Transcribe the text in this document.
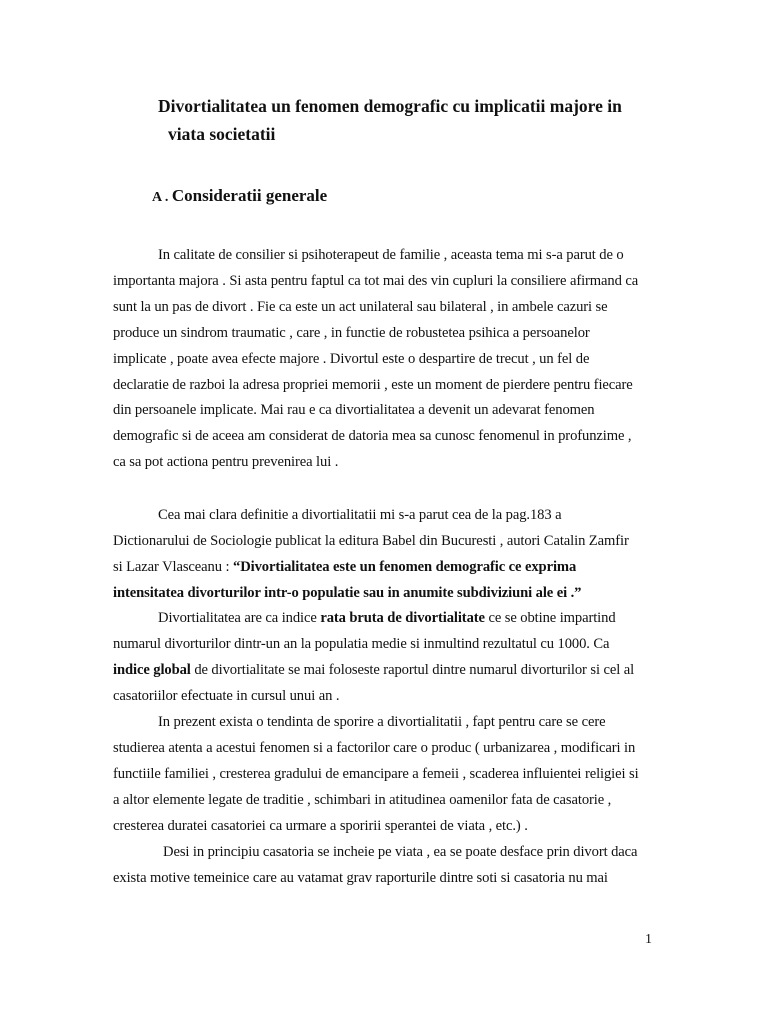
Divortialitatea un fenomen demografic cu implicatii majore in
viata societatii
A . Consideratii generale
In calitate de consilier si psihoterapeut de familie , aceasta tema mi s-a parut de o
importanta majora . Si asta pentru faptul ca tot mai des vin cupluri la consiliere afirmand ca
sunt la un pas de divort . Fie ca este un act unilateral sau bilateral , in ambele cazuri se
produce un sindrom traumatic , care , in functie de robustetea psihica a persoanelor
implicate , poate avea efecte majore . Divortul este o despartire de trecut , un fel de
declaratie de razboi la adresa propriei memorii , este un moment de pierdere pentru fiecare
din persoanele implicate. Mai rau e ca divortialitatea a devenit un adevarat fenomen
demografic si de aceea am considerat de datoria mea sa cunosc fenomenul in profunzime ,
ca sa pot actiona pentru prevenirea lui .
Cea mai clara definitie a divortialitatii mi s-a parut cea de la pag.183 a
Dictionarului de Sociologie publicat la editura Babel din Bucuresti , autori Catalin Zamfir
si Lazar Vlasceanu : “Divortialitatea este un fenomen demografic ce exprima
intensitatea divorturilor intr-o populatie sau in anumite subdiviziuni ale ei .”
Divortialitatea are ca indice rata bruta de divortialitate ce se obtine impartind
numarul divorturilor dintr-un an la populatia medie si inmultind rezultatul cu 1000. Ca
indice global de divortialitate se mai foloseste raportul dintre numarul divorturilor si cel al
casatoriilor efectuate in cursul unui an .
In prezent exista o tendinta de sporire a divortialitatii , fapt pentru care se cere
studierea atenta a acestui fenomen si a factorilor care o produc ( urbanizarea , modificari in
functiile familiei , cresterea gradului de emancipare a femeii , scaderea influientei religiei si
a altor elemente legate de traditie , schimbari in atitudinea oamenilor fata de casatorie ,
cresterea duratei casatoriei ca urmare a sporirii sperantei de viata , etc.) .
Desi in principiu casatoria se incheie pe viata , ea se poate desface prin divort daca
exista motive temeinice care au vatamat grav raporturile dintre soti si casatoria nu mai
1
